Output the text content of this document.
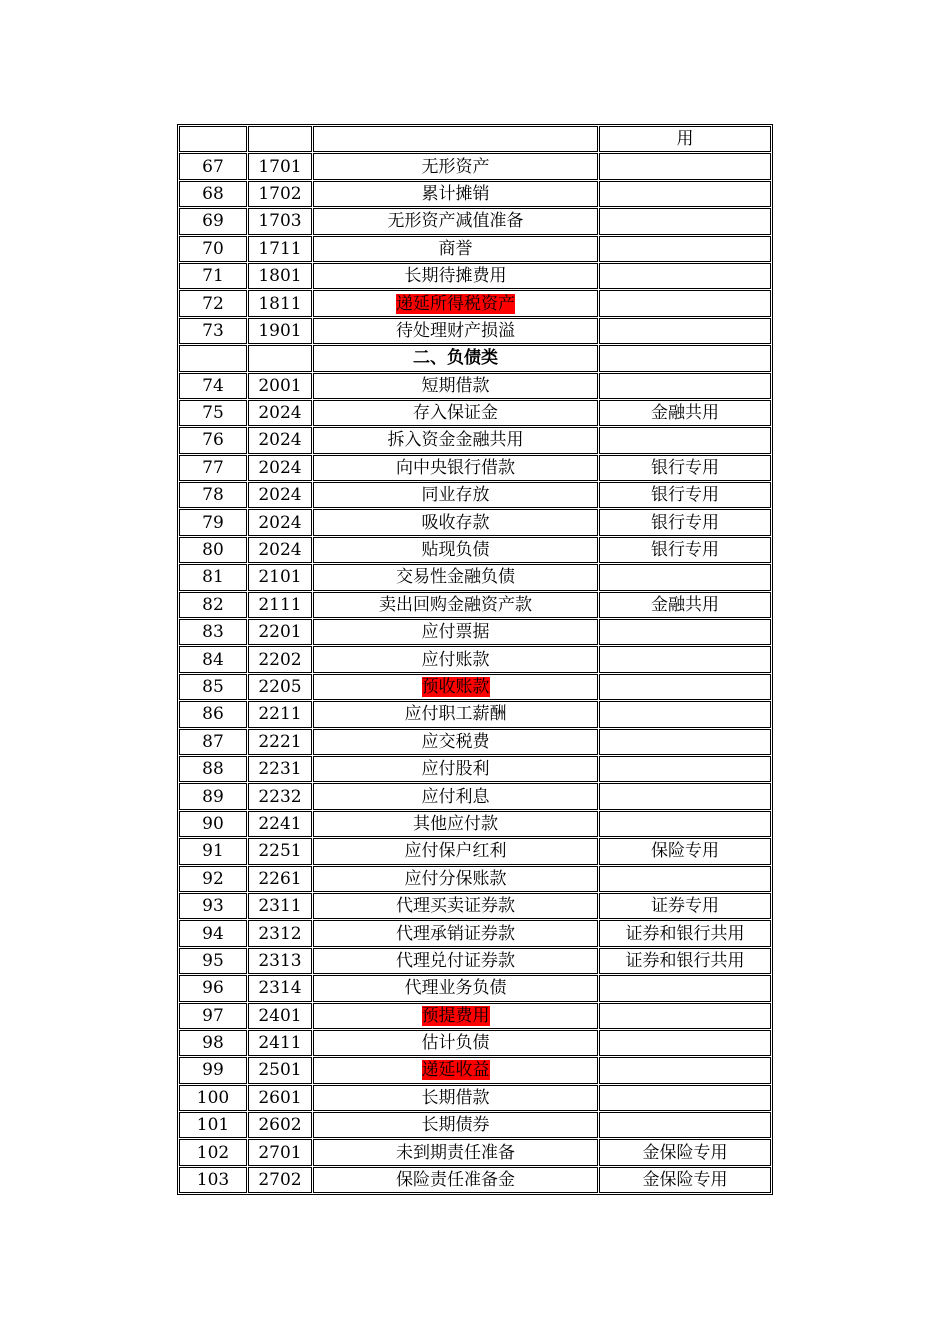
			用
67	1701	无形资产	
68	1702	累计摊销	
69	1703	无形资产减值准备	
70	1711	商誉	
71	1801	长期待摊费用	
72	1811	递延所得税资产	
73	1901	待处理财产损溢	
		二、负债类	
74	2001	短期借款	
75	2024	存入保证金	金融共用
76	2024	拆入资金金融共用	
77	2024	向中央银行借款	银行专用
78	2024	同业存放	银行专用
79	2024	吸收存款	银行专用
80	2024	贴现负债	银行专用
81	2101	交易性金融负债	
82	2111	卖出回购金融资产款	金融共用
83	2201	应付票据	
84	2202	应付账款	
85	2205	预收账款	
86	2211	应付职工薪酬	
87	2221	应交税费	
88	2231	应付股利	
89	2232	应付利息	
90	2241	其他应付款	
91	2251	应付保户红利	保险专用
92	2261	应付分保账款	
93	2311	代理买卖证券款	证券专用
94	2312	代理承销证券款	证券和银行共用
95	2313	代理兑付证券款	证券和银行共用
96	2314	代理业务负债	
97	2401	预提费用	
98	2411	估计负债	
99	2501	递延收益	
100	2601	长期借款	
101	2602	长期债券	
102	2701	未到期责任准备	金保险专用
103	2702	保险责任准备金	金保险专用
